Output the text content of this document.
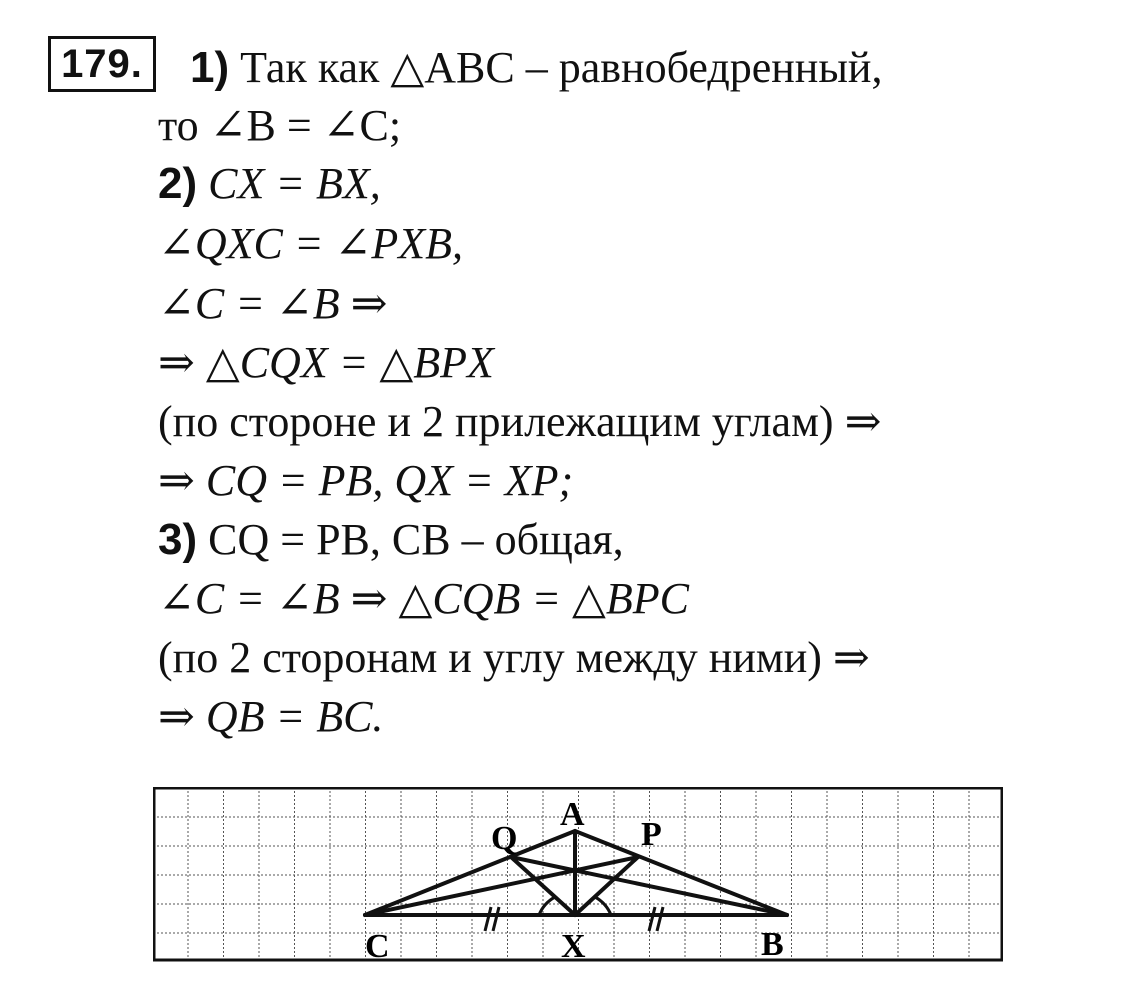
179. 1) Так как △ABC – равнобедренный,
то ∠B = ∠C;
2) CX = BX,
∠QXC = ∠PXB,
∠C = ∠B ⇒
⇒ △CQX = △BPX
(по стороне и 2 прилежащим углам) ⇒
⇒ CQ = PB, QX = XP;
3) CQ = PB, CB – общая,
∠C = ∠B ⇒ △CQB = △BPC
(по 2 сторонам и углу между ними) ⇒
⇒ QB = BC.
A
Q	P
C	X	B
